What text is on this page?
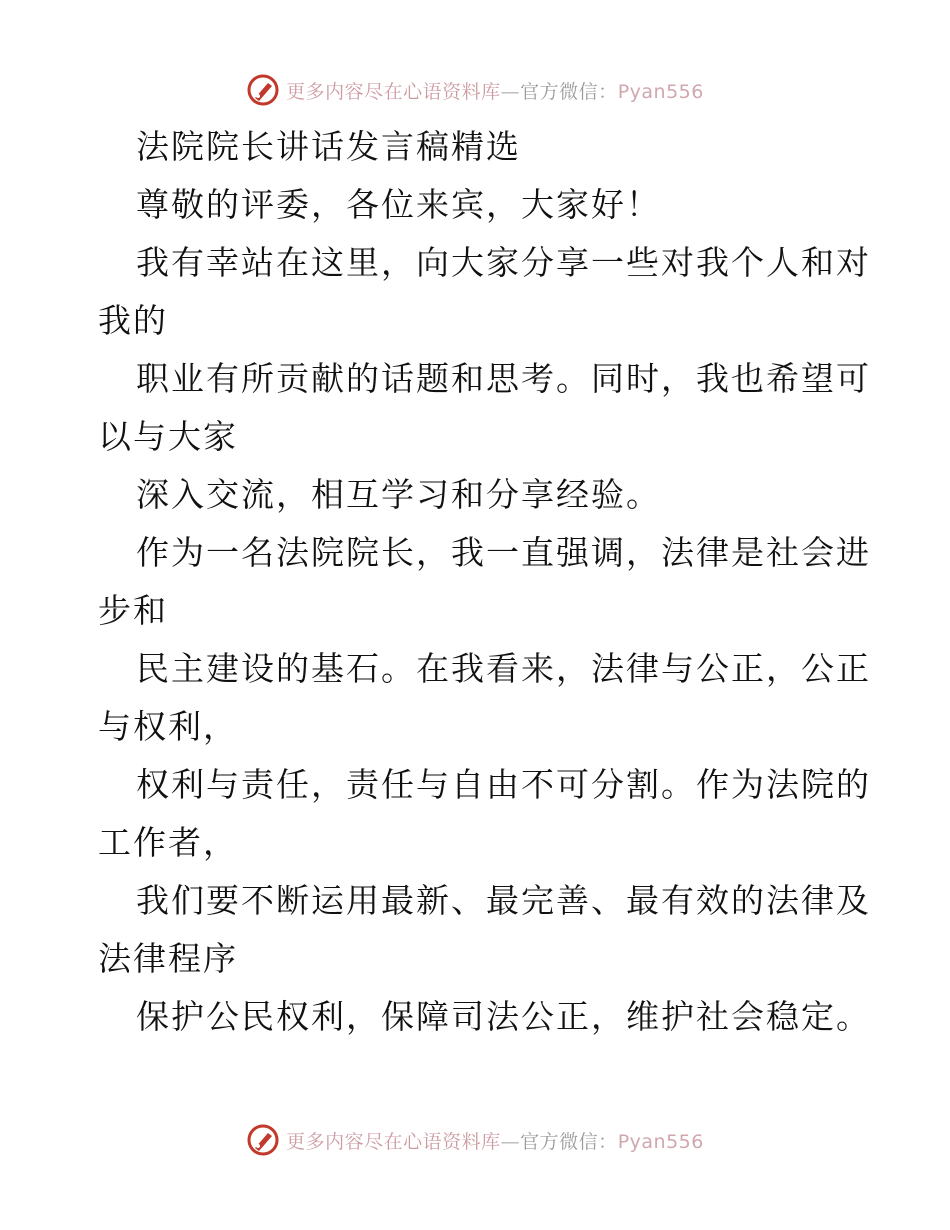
更多内容尽在心语资料库—官方微信：Pyan556
法院院长讲话发言稿精选
尊敬的评委，各位来宾，大家好！
我有幸站在这里，向大家分享一些对我个人和对
我的
职业有所贡献的话题和思考。同时，我也希望可
以与大家
深入交流，相互学习和分享经验。
作为一名法院院长，我一直强调，法律是社会进
步和
民主建设的基石。在我看来，法律与公正，公正
与权利，
权利与责任，责任与自由不可分割。作为法院的
工作者，
我们要不断运用最新、最完善、最有效的法律及
法律程序
保护公民权利，保障司法公正，维护社会稳定。
更多内容尽在心语资料库—官方微信：Pyan556
